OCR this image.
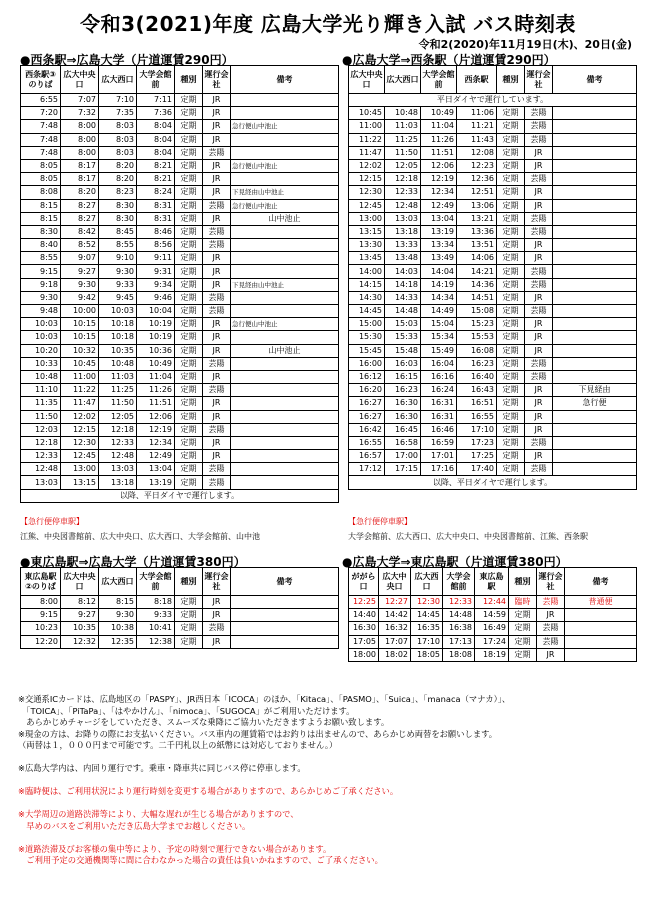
令和3(2021)年度 広島大学光り輝き入試 バス時刻表
令和2(2020)年11月19日(木)、20日(金)
●西条駅⇒広島大学（片道運賃290円）
西条駅③のりば	広大中央口	広大西口	大学会館前	種別	運行会社	備考
6:55	7:07	7:10	7:11	定期	JR	
7:20	7:32	7:35	7:36	定期	JR	
7:48	8:00	8:03	8:04	定期	JR	急行便山中池止
7:48	8:00	8:03	8:04	定期	JR	
7:48	8:00	8:03	8:04	定期	芸陽	
8:05	8:17	8:20	8:21	定期	JR	急行便山中池止
8:05	8:17	8:20	8:21	定期	JR	
8:08	8:20	8:23	8:24	定期	JR	下見経由山中池止
8:15	8:27	8:30	8:31	定期	芸陽	急行便山中池止
8:15	8:27	8:30	8:31	定期	JR	山中池止
8:30	8:42	8:45	8:46	定期	芸陽	
8:40	8:52	8:55	8:56	定期	芸陽	
8:55	9:07	9:10	9:11	定期	JR	
9:15	9:27	9:30	9:31	定期	JR	
9:18	9:30	9:33	9:34	定期	JR	下見経由山中池止
9:30	9:42	9:45	9:46	定期	芸陽	
9:48	10:00	10:03	10:04	定期	芸陽	
10:03	10:15	10:18	10:19	定期	JR	急行便山中池止
10:03	10:15	10:18	10:19	定期	JR	
10:20	10:32	10:35	10:36	定期	JR	山中池止
10:33	10:45	10:48	10:49	定期	芸陽	
10:48	11:00	11:03	11:04	定期	JR	
11:10	11:22	11:25	11:26	定期	芸陽	
11:35	11:47	11:50	11:51	定期	JR	
11:50	12:02	12:05	12:06	定期	JR	
12:03	12:15	12:18	12:19	定期	芸陽	
12:18	12:30	12:33	12:34	定期	JR	
12:33	12:45	12:48	12:49	定期	JR	
12:48	13:00	13:03	13:04	定期	芸陽	
13:03	13:15	13:18	13:19	定期	芸陽	
以降、平日ダイヤで運行します。						
【急行便停車駅】
江熊、中央図書館前、広大中央口、広大西口、大学会館前、山中池
●広島大学⇒西条駅（片道運賃290円）
広大中央口	広大西口	大学会館前	西条駅	種別	運行会社	備考
平日ダイヤで運行しています。						
10:45	10:48	10:49	11:06	定期	芸陽	
11:00	11:03	11:04	11:21	定期	芸陽	
11:22	11:25	11:26	11:43	定期	芸陽	
11:47	11:50	11:51	12:08	定期	JR	
12:02	12:05	12:06	12:23	定期	JR	
12:15	12:18	12:19	12:36	定期	芸陽	
12:30	12:33	12:34	12:51	定期	JR	
12:45	12:48	12:49	13:06	定期	JR	
13:00	13:03	13:04	13:21	定期	芸陽	
13:15	13:18	13:19	13:36	定期	芸陽	
13:30	13:33	13:34	13:51	定期	JR	
13:45	13:48	13:49	14:06	定期	JR	
14:00	14:03	14:04	14:21	定期	芸陽	
14:15	14:18	14:19	14:36	定期	芸陽	
14:30	14:33	14:34	14:51	定期	JR	
14:45	14:48	14:49	15:08	定期	芸陽	
15:00	15:03	15:04	15:23	定期	JR	
15:30	15:33	15:34	15:53	定期	JR	
15:45	15:48	15:49	16:08	定期	JR	
16:00	16:03	16:04	16:23	定期	芸陽	
16:12	16:15	16:16	16:40	定期	芸陽	
16:20	16:23	16:24	16:43	定期	JR	下見経由
16:27	16:30	16:31	16:51	定期	JR	急行便
16:27	16:30	16:31	16:55	定期	JR	
16:42	16:45	16:46	17:10	定期	JR	
16:55	16:58	16:59	17:23	定期	芸陽	
16:57	17:00	17:01	17:25	定期	JR	
17:12	17:15	17:16	17:40	定期	芸陽	
以降、平日ダイヤで運行します。						
【急行便停車駅】
大学会館前、広大西口、広大中央口、中央図書館前、江熊、西条駅
●東広島駅⇒広島大学（片道運賃380円）
東広島駅②のりば	広大中央口	広大西口	大学会館前	種別	運行会社	備考
8:00	8:12	8:15	8:18	定期	JR	
9:15	9:27	9:30	9:33	定期	JR	
10:23	10:35	10:38	10:41	定期	芸陽	
12:20	12:32	12:35	12:38	定期	JR	
●広島大学⇒東広島駅（片道運賃380円）
ががら口	広大中央口	広大西口	大学会館前	東広島駅	種別	運行会社	備考
12:25	12:27	12:30	12:33	12:44	臨時	芸陽	普通便
14:40	14:42	14:45	14:48	14:59	定期	JR	
16:30	16:32	16:35	16:38	16:49	定期	芸陽	
17:05	17:07	17:10	17:13	17:24	定期	芸陽	
18:00	18:02	18:05	18:08	18:19	定期	JR	

※交通系ICカードは、広島地区の「PASPY」、JR西日本「ICOCA」のほか、「Kitaca」、「PASMO」、「Suica」、「manaca（マナカ）」、

　「TOICA」、「PiTaPa」、「はやかけん」、「nimoca」、「SUGOCA」がご利用いただけます。

　あらかじめチャージをしていただき、スムーズな乗降にご協力いただきますようお願い致します。

※現金の方は、お降りの際にお支払いください。バス車内の運賃箱ではお釣りは出ませんので、あらかじめ両替をお願いします。

（両替は１，０００円まで可能です。二千円札以上の紙幣には対応しておりません。）

※広島大学内は、内回り運行です。乗車・降車共に同じバス停に停車します。

※臨時便は、ご利用状況により運行時刻を変更する場合がありますので、あらかじめご了承ください。

※大学周辺の道路渋滞等により、大幅な遅れが生じる場合がありますので、

　早めのバスをご利用いただき広島大学までお越しください。

※道路渋滞及びお客様の集中等により、予定の時刻で運行できない場合があります。

　ご利用予定の交通機関等に間に合わなかった場合の責任は負いかねますので、ご了承ください。
